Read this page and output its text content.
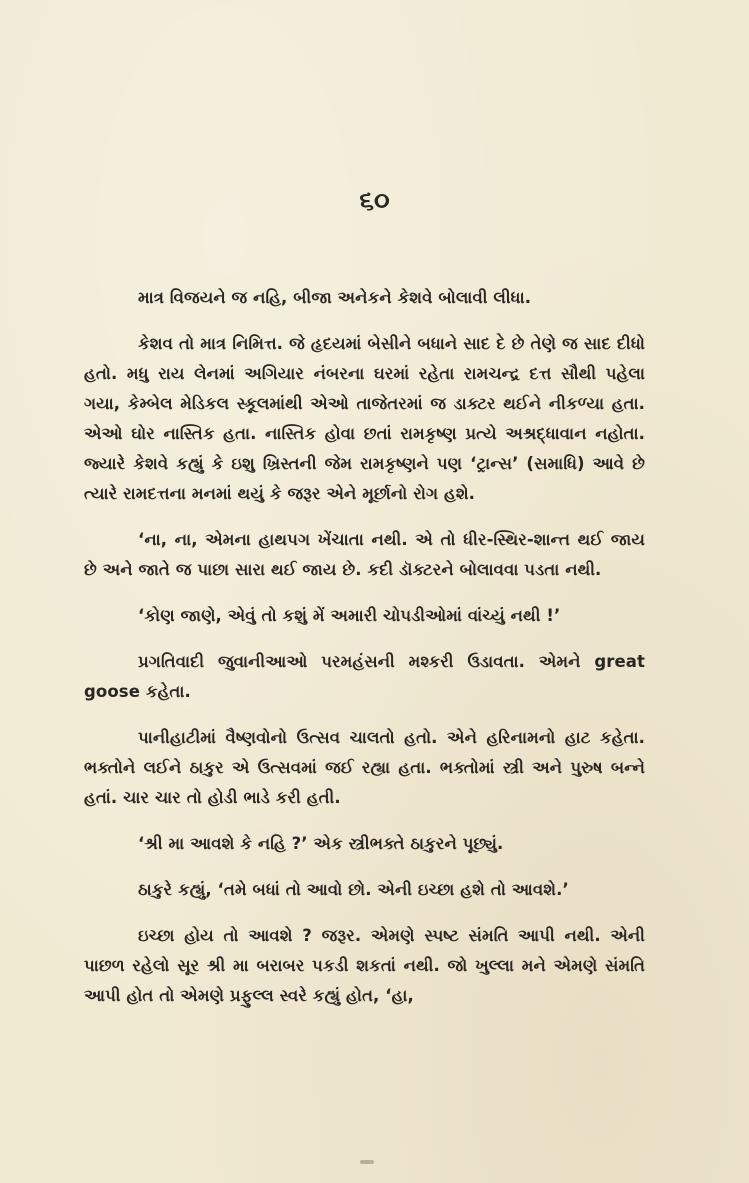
૬૦

માત્ર વિજયને જ નહિ, બીજા અનેકને કેશવે બોલાવી લીધા.

કેશવ તો માત્ર નિમિત્ત. જે હૃદયમાં બેસીને બધાને સાદ દે છે તેણે જ સાદ દીધો હતો. મધુ રાય લેનમાં અગિયાર નંબરના ઘરમાં રહેતા રામચન્દ્ર દત્ત સૌથી પહેલા ગયા, કેમ્બેલ મેડિકલ સ્કૂલમાંથી એઓ તાજેતરમાં જ ડાક્ટર થઈને નીકળ્યા હતા. એઓ ઘોર નાસ્તિક હતા. નાસ્તિક હોવા છતાં રામકૃષ્ણ પ્રત્યે અશ્રદ્ધાવાન નહોતા. જ્યારે કેશવે કહ્યું કે ઇશુ ખ્રિસ્તની જેમ રામકૃષ્ણને પણ ‘ટ્રાન્સ’ (સમાધિ) આવે છે ત્યારે રામદત્તના મનમાં થયું કે જરૂર એને મૂર્છાનો રોગ હશે.

‘ના, ના, એમના હાથપગ ખેંચાતા નથી. એ તો ધીર-સ્થિર-શાન્ત થઈ જાય છે અને જાતે જ પાછા સારા થઈ જાય છે. કદી ડૉક્ટરને બોલાવવા પડતા નથી.

‘કોણ જાણે, એવું તો કશું મેં અમારી ચોપડીઓમાં વાંચ્યું નથી !’

પ્રગતિવાદી જુવાનીઆઓ પરમહંસની મશ્કરી ઉડાવતા. એમને great goose કહેતા.

પાનીહાટીમાં વૈષ્ણવોનો ઉત્સવ ચાલતો હતો. એને હરિનામનો હાટ કહેતા. ભક્તોને લઈને ઠાકુર એ ઉત્સવમાં જઈ રહ્યા હતા. ભક્તોમાં સ્ત્રી અને પુરુષ બન્ને હતાં. ચાર ચાર તો હોડી ભાડે કરી હતી.

‘શ્રી મા આવશે કે નહિ ?’ એક સ્ત્રીભક્તે ઠાકુરને પૂછ્યું.

ઠાકુરે કહ્યું, ‘તમે બધાં તો આવો છો. એની ઇચ્છા હશે તો આવશે.’

ઇચ્છા હોય તો આવશે ? જરૂર. એમણે સ્પષ્ટ સંમતિ આપી નથી. એની પાછળ રહેલો સૂર શ્રી મા બરાબર પકડી શકતાં નથી. જો ખુલ્લા મને એમણે સંમતિ આપી હોત તો એમણે પ્રફુલ્લ સ્વરે કહ્યું હોત, ‘હા,
